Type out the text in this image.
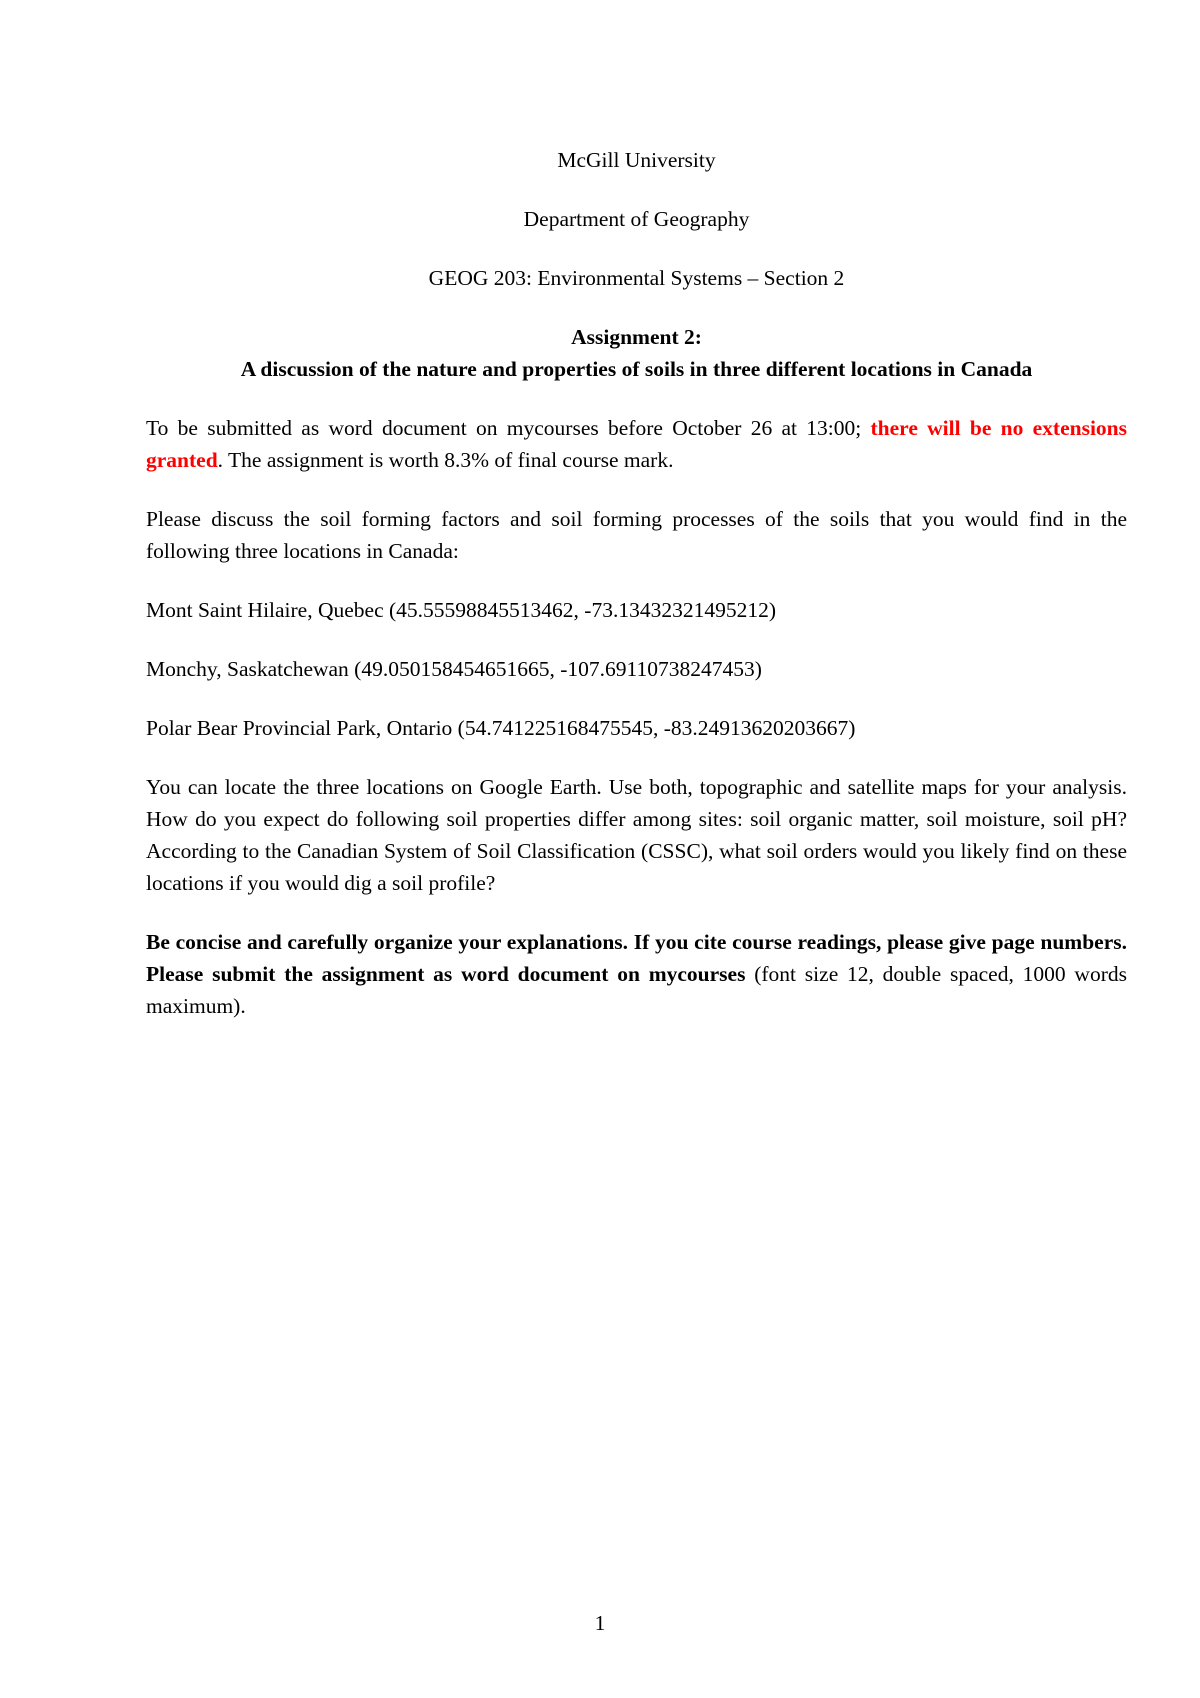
McGill University

Department of Geography

GEOG 203: Environmental Systems – Section 2

Assignment 2:

A discussion of the nature and properties of soils in three different locations in Canada

To be submitted as word document on mycourses before October 26 at 13:00; there will be no extensions granted. The assignment is worth 8.3% of final course mark.

Please discuss the soil forming factors and soil forming processes of the soils that you would find in the following three locations in Canada:

Mont Saint Hilaire, Quebec (45.55598845513462, -73.13432321495212)

Monchy, Saskatchewan (49.050158454651665, -107.69110738247453)

Polar Bear Provincial Park, Ontario (54.741225168475545, -83.24913620203667)

You can locate the three locations on Google Earth. Use both, topographic and satellite maps for your analysis. How do you expect do following soil properties differ among sites: soil organic matter, soil moisture, soil pH? According to the Canadian System of Soil Classification (CSSC), what soil orders would you likely find on these locations if you would dig a soil profile?

Be concise and carefully organize your explanations. If you cite course readings, please give page numbers. Please submit the assignment as word document on mycourses (font size 12, double spaced, 1000 words maximum).

1
